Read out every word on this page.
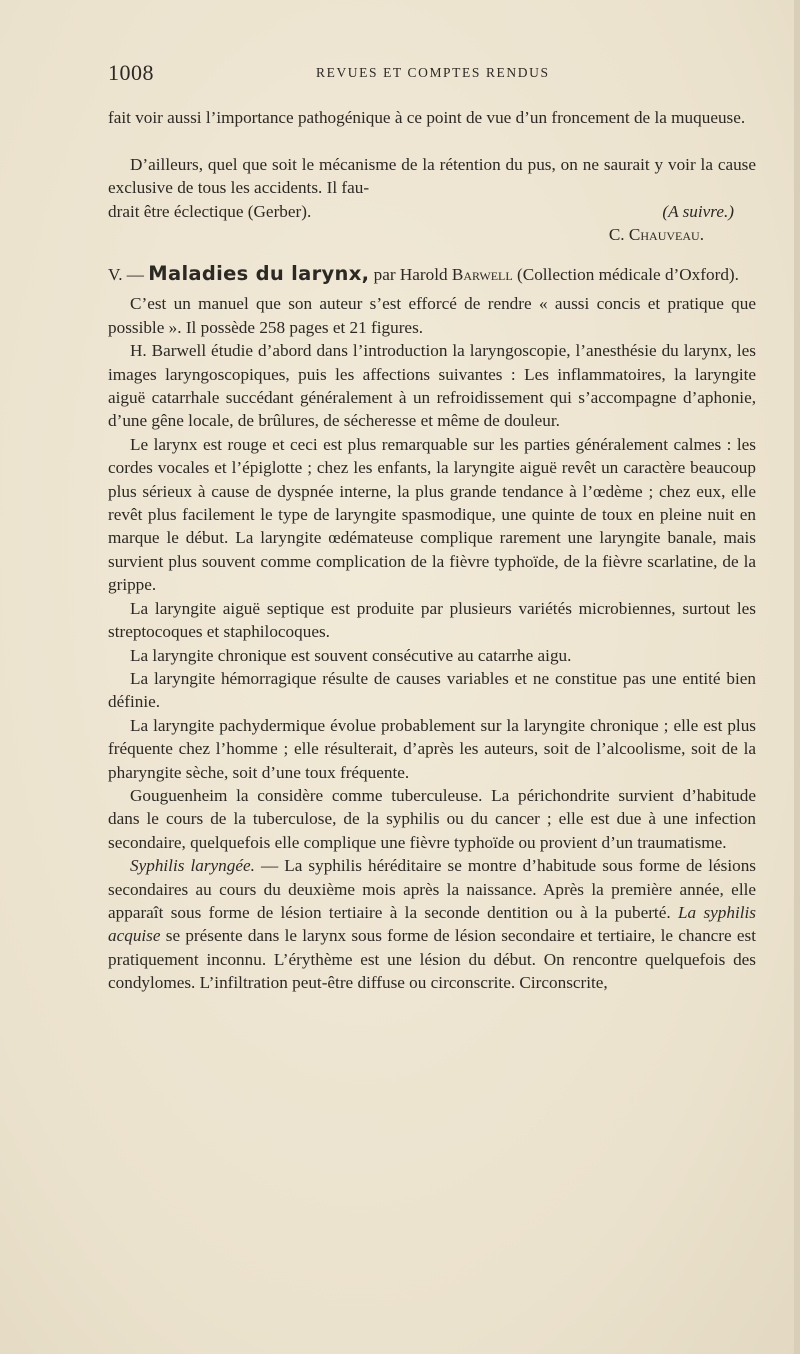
1008	REVUES ET COMPTES RENDUS

fait voir aussi l’importance pathogénique à ce point de vue d’un froncement de la muqueuse.

D’ailleurs, quel que soit le mécanisme de la rétention du pus, on ne saurait y voir la cause exclusive de tous les accidents. Il fau-

drait être éclectique (Gerber).	(A suivre.)
C. Chauveau.

V. — Maladies du larynx, par Harold Barwell (Collection médicale d’Oxford).

C’est un manuel que son auteur s’est efforcé de rendre « aussi concis et pratique que possible ». Il possède 258 pages et 21 figures.

H. Barwell étudie d’abord dans l’introduction la laryngoscopie, l’anesthésie du larynx, les images laryngoscopiques, puis les affections suivantes : Les inflammatoires, la laryngite aiguë catarrhale succédant généralement à un refroidissement qui s’accompagne d’aphonie, d’une gêne locale, de brûlures, de sécheresse et même de douleur.

Le larynx est rouge et ceci est plus remarquable sur les parties généralement calmes : les cordes vocales et l’épiglotte ; chez les enfants, la laryngite aiguë revêt un caractère beaucoup plus sérieux à cause de dyspnée interne, la plus grande tendance à l’œdème ; chez eux, elle revêt plus facilement le type de laryngite spasmodique, une quinte de toux en pleine nuit en marque le début. La laryngite œdémateuse complique rarement une laryngite banale, mais survient plus souvent comme complication de la fièvre typhoïde, de la fièvre scarlatine, de la grippe.

La laryngite aiguë septique est produite par plusieurs variétés microbiennes, surtout les streptocoques et staphilocoques.

La laryngite chronique est souvent consécutive au catarrhe aigu.

La laryngite hémorragique résulte de causes variables et ne constitue pas une entité bien définie.

La laryngite pachydermique évolue probablement sur la laryngite chronique ; elle est plus fréquente chez l’homme ; elle résulterait, d’après les auteurs, soit de l’alcoolisme, soit de la pharyngite sèche, soit d’une toux fréquente.

Gouguenheim la considère comme tuberculeuse. La périchondrite survient d’habitude dans le cours de la tuberculose, de la syphilis ou du cancer ; elle est due à une infection secondaire, quelquefois elle complique une fièvre typhoïde ou provient d’un traumatisme.

Syphilis laryngée. — La syphilis héréditaire se montre d’habitude sous forme de lésions secondaires au cours du deuxième mois après la naissance. Après la première année, elle apparaît sous forme de lésion tertiaire à la seconde dentition ou à la puberté. La syphilis acquise se présente dans le larynx sous forme de lésion secondaire et tertiaire, le chancre est pratiquement inconnu. L’érythème est une lésion du début. On rencontre quelquefois des condylomes. L’infiltration peut-être diffuse ou circonscrite. Circonscrite,
